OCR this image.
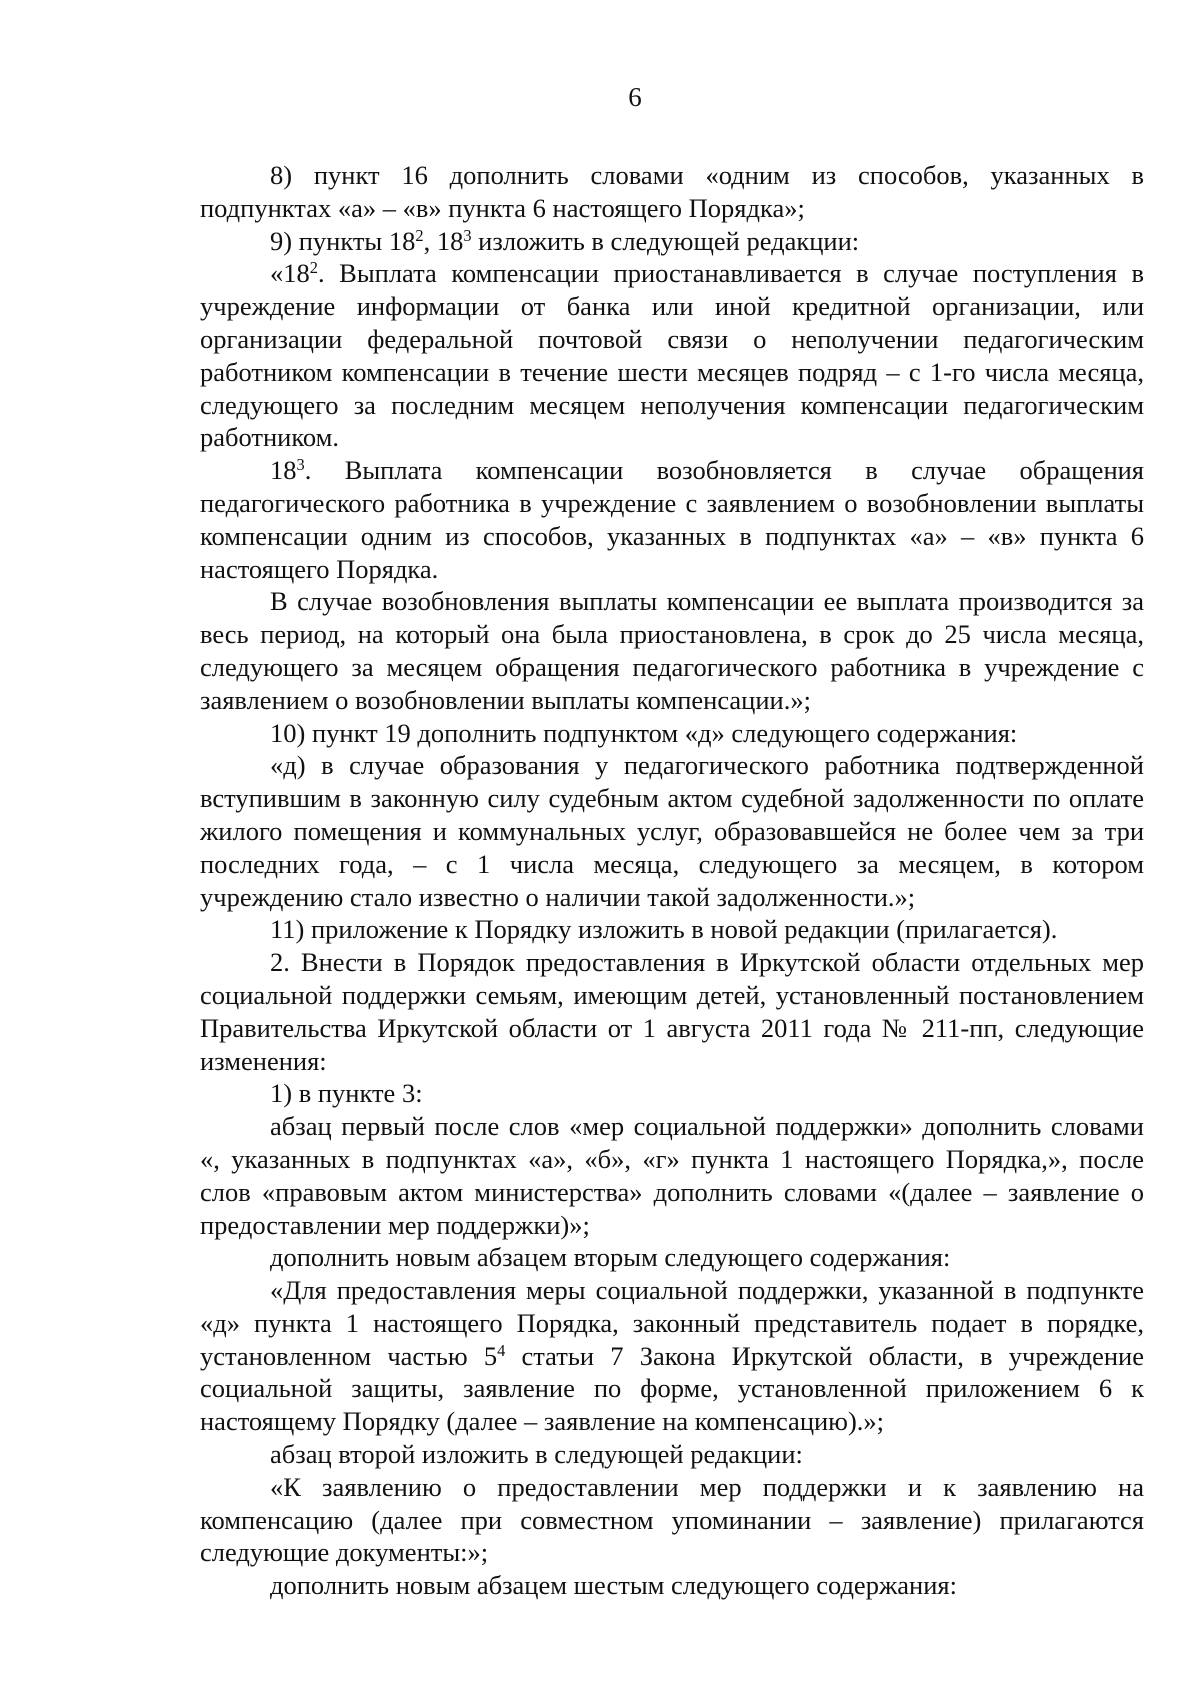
6

8) пункт 16 дополнить словами «одним из способов, указанных в подпунктах «а» – «в» пункта 6 настоящего Порядка»;

9) пункты $18^2$, $18^3$ изложить в следующей редакции:

«$18^2$. Выплата компенсации приостанавливается в случае поступления в учреждение информации от банка или иной кредитной организации, или организации федеральной почтовой связи о неполучении педагогическим работником компенсации в течение шести месяцев подряд – с 1-го числа месяца, следующего за последним месяцем неполучения компенсации педагогическим работником.

$18^3$. Выплата компенсации возобновляется в случае обращения педагогического работника в учреждение с заявлением о возобновлении выплаты компенсации одним из способов, указанных в подпунктах «а» – «в» пункта 6 настоящего Порядка.

В случае возобновления выплаты компенсации ее выплата производится за весь период, на который она была приостановлена, в срок до 25 числа месяца, следующего за месяцем обращения педагогического работника в учреждение с заявлением о возобновлении выплаты компенсации.»;

10) пункт 19 дополнить подпунктом «д» следующего содержания:

«д) в случае образования у педагогического работника подтвержденной вступившим в законную силу судебным актом судебной задолженности по оплате жилого помещения и коммунальных услуг, образовавшейся не более чем за три последних года, – с 1 числа месяца, следующего за месяцем, в котором учреждению стало известно о наличии такой задолженности.»;

11) приложение к Порядку изложить в новой редакции (прилагается).

2. Внести в Порядок предоставления в Иркутской области отдельных мер социальной поддержки семьям, имеющим детей, установленный постановлением Правительства Иркутской области от 1 августа 2011 года № 211-пп, следующие изменения:

1) в пункте 3:

абзац первый после слов «мер социальной поддержки» дополнить словами «, указанных в подпунктах «а», «б», «г» пункта 1 настоящего Порядка,», после слов «правовым актом министерства» дополнить словами «(далее – заявление о предоставлении мер поддержки)»;

дополнить новым абзацем вторым следующего содержания:

«Для предоставления меры социальной поддержки, указанной в подпункте «д» пункта 1 настоящего Порядка, законный представитель подает в порядке, установленном частью $5^4$ статьи 7 Закона Иркутской области, в учреждение социальной защиты, заявление по форме, установленной приложением 6 к настоящему Порядку (далее – заявление на компенсацию).»;

абзац второй изложить в следующей редакции:

«К заявлению о предоставлении мер поддержки и к заявлению на компенсацию (далее при совместном упоминании – заявление) прилагаются следующие документы:»;

дополнить новым абзацем шестым следующего содержания:
